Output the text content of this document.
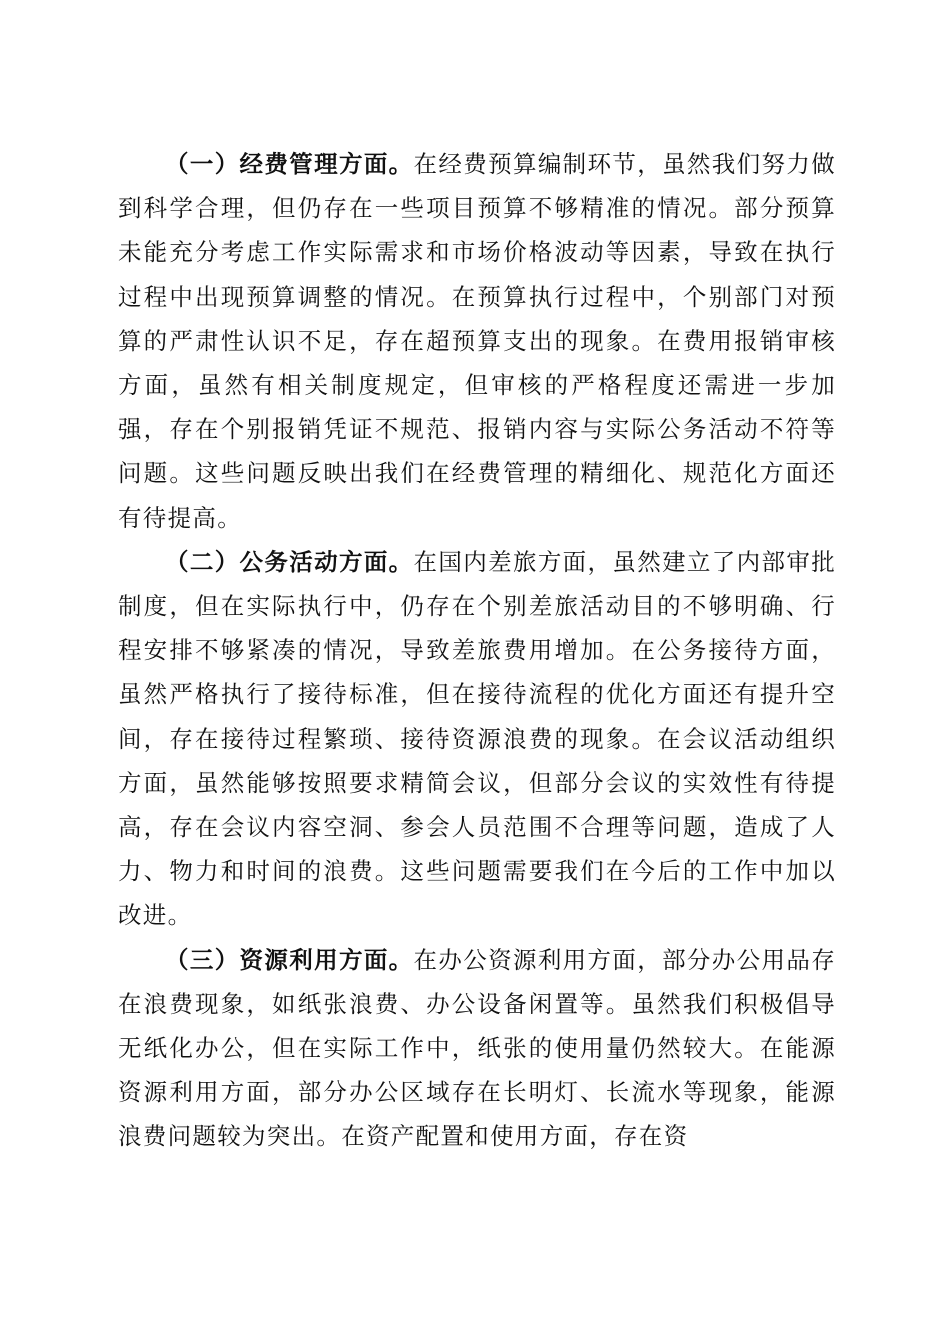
（一）经费管理方面。在经费预算编制环节，虽然我们努力做到科学合理，但仍存在一些项目预算不够精准的情况。部分预算未能充分考虑工作实际需求和市场价格波动等因素，导致在执行过程中出现预算调整的情况。在预算执行过程中，个别部门对预算的严肃性认识不足，存在超预算支出的现象。在费用报销审核方面，虽然有相关制度规定，但审核的严格程度还需进一步加强，存在个别报销凭证不规范、报销内容与实际公务活动不符等问题。这些问题反映出我们在经费管理的精细化、规范化方面还有待提高。

（二）公务活动方面。在国内差旅方面，虽然建立了内部审批制度，但在实际执行中，仍存在个别差旅活动目的不够明确、行程安排不够紧凑的情况，导致差旅费用增加。在公务接待方面，虽然严格执行了接待标准，但在接待流程的优化方面还有提升空间，存在接待过程繁琐、接待资源浪费的现象。在会议活动组织方面，虽然能够按照要求精简会议，但部分会议的实效性有待提高，存在会议内容空洞、参会人员范围不合理等问题，造成了人力、物力和时间的浪费。这些问题需要我们在今后的工作中加以改进。

（三）资源利用方面。在办公资源利用方面，部分办公用品存在浪费现象，如纸张浪费、办公设备闲置等。虽然我们积极倡导无纸化办公，但在实际工作中，纸张的使用量仍然较大。在能源资源利用方面，部分办公区域存在长明灯、长流水等现象，能源浪费问题较为突出。在资产配置和使用方面，存在资
